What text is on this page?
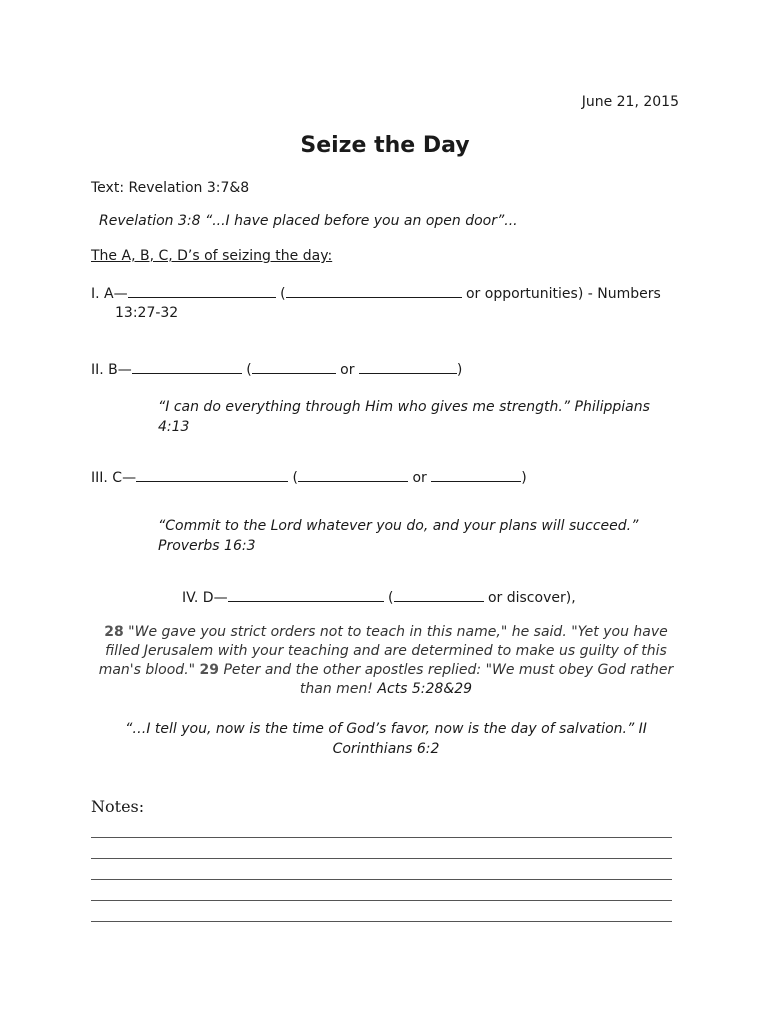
June 21, 2015
Seize the Day
Text: Revelation 3:7&8
Revelation 3:8 “...I have placed before you an open door”...
The A, B, C, D’s of seizing the day:
I. A—	(	or opportunities) - Numbers
13:27-32
II. B—	(	or	)
“I can do everything through Him who gives me strength.” Philippians 4:13
III. C—	(	or	)
“Commit to the Lord whatever you do, and your plans will succeed.” Proverbs 16:3
IV. D—	(	or discover),
28 "We gave you strict orders not to teach in this name," he said. "Yet you have filled Jerusalem with your teaching and are determined to make us guilty of this man's blood." 29 Peter and the other apostles replied: "We must obey God rather than men! Acts 5:28&29
“…I tell you, now is the time of God’s favor, now is the day of salvation.” II Corinthians 6:2
Notes:
